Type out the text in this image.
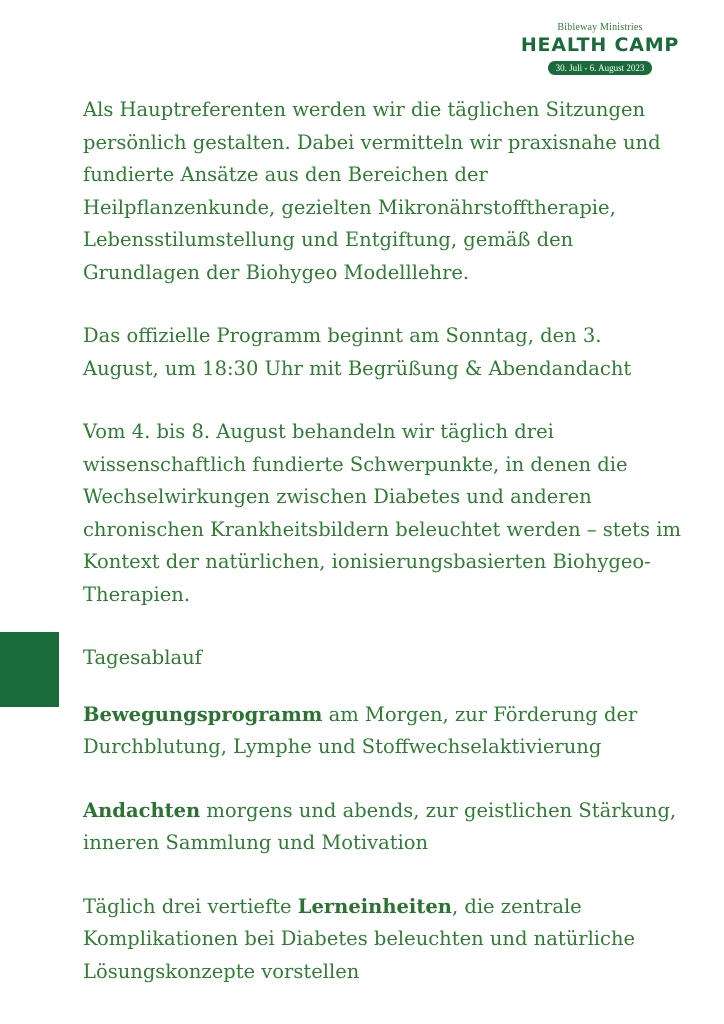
Bibleway Ministries
HEALTH CAMP
30. Juli - 6. August 2023

Als Hauptreferenten werden wir die täglichen Sitzungen persönlich gestalten. Dabei vermitteln wir praxisnahe und fundierte Ansätze aus den Bereichen der Heilpflanzenkunde, gezielten Mikronährstofftherapie, Lebensstilumstellung und Entgiftung, gemäß den Grundlagen der Biohygeo Modelllehre.

Das offizielle Programm beginnt am Sonntag, den 3. August, um 18:30 Uhr mit Begrüßung & Abendandacht

Vom 4. bis 8. August behandeln wir täglich drei wissenschaftlich fundierte Schwerpunkte, in denen die Wechselwirkungen zwischen Diabetes und anderen chronischen Krankheitsbildern beleuchtet werden – stets im Kontext der natürlichen, ionisierungsbasierten Biohygeo-Therapien.

Tagesablauf

Bewegungsprogramm am Morgen, zur Förderung der Durchblutung, Lymphe und Stoffwechselaktivierung

Andachten morgens und abends, zur geistlichen Stärkung, inneren Sammlung und Motivation

Täglich drei vertiefte Lerneinheiten, die zentrale Komplikationen bei Diabetes beleuchten und natürliche Lösungskonzepte vorstellen
